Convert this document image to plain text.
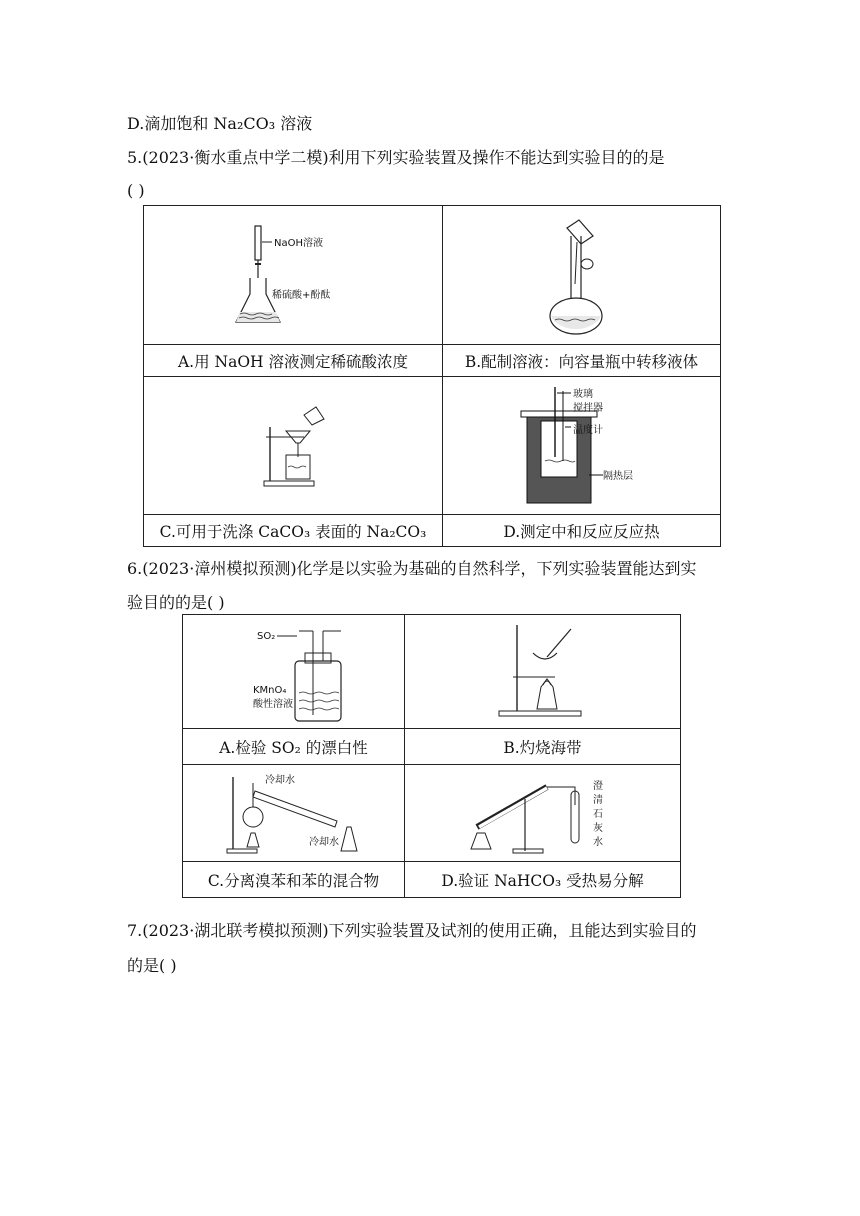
D.滴加饱和 Na₂CO₃ 溶液
5.(2023·衡水重点中学二模)利用下列实验装置及操作不能达到实验目的的是
( )
NaOH溶液
稀硫酸+酚酞

A.用 NaOH 溶液测定稀硫酸浓度	B.配制溶液：向容量瓶中转移液体

玻璃
搅拌器
温度计
隔热层

C.可用于洗涤 CaCO₃ 表面的 Na₂CO₃	D.测定中和反应反应热
6.(2023·漳州模拟预测)化学是以实验为基础的自然科学，下列实验装置能达到实
验目的的是( )
SO₂
KMnO₄
酸性溶液

A.检验 SO₂ 的漂白性	B.灼烧海带

冷却水
冷却水	澄
清
石
灰
水

C.分离溴苯和苯的混合物	D.验证 NaHCO₃ 受热易分解
7.(2023·湖北联考模拟预测)下列实验装置及试剂的使用正确，且能达到实验目的
的是( )
